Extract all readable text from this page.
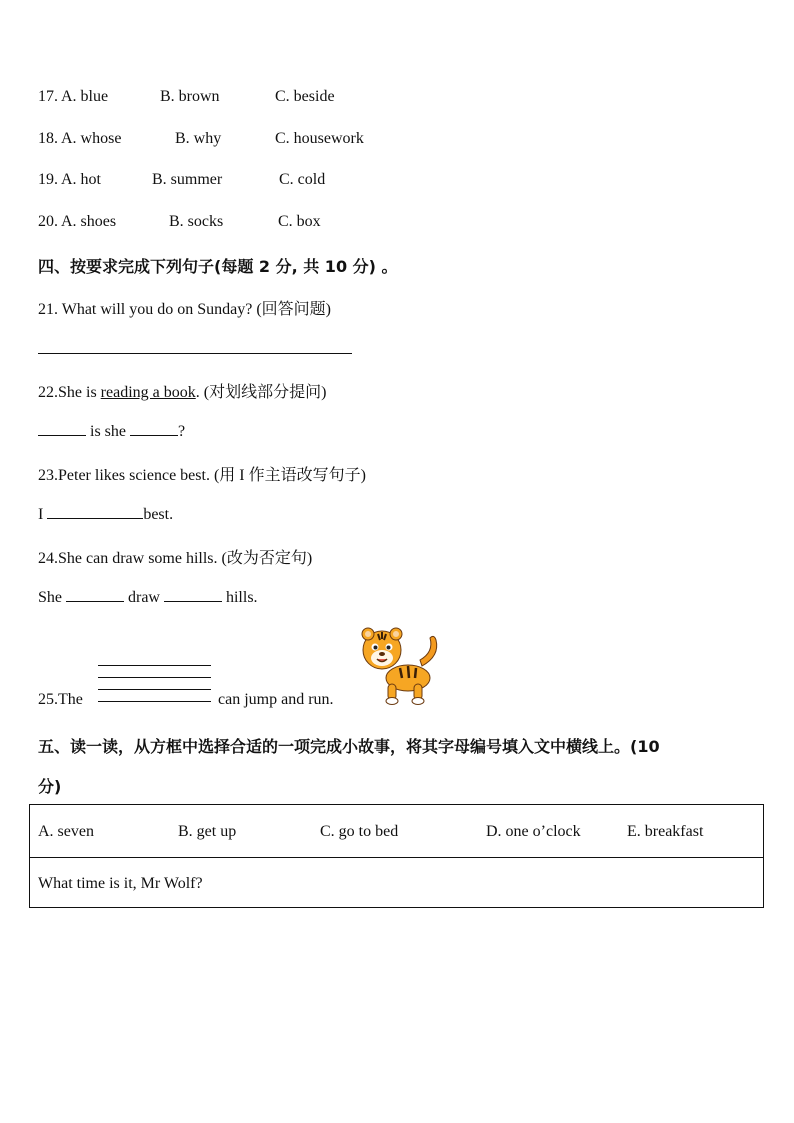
17. A. blue	B. brown	C. beside
18. A. whose	B. why	C. housework
19. A. hot	B. summer	C. cold
20. A. shoes	B. socks	C. box
四、按要求完成下列句子(每题 2 分, 共 10 分) 。
21. What will you do on Sunday? (回答问题)
22.She is reading a book. (对划线部分提问)
is she	?
23.Peter likes science best. (用 I 作主语改写句子)
I	best.
24.She can draw some hills. (改为否定句)
She	draw	hills.
25.The	can jump and run.
五、读一读，从方框中选择合适的一项完成小故事，将其字母编号填入文中横线上。(10
分)
A. seven	B. get up	C. go to bed	D. one o’clock	E. breakfast
What time is it, Mr Wolf?
